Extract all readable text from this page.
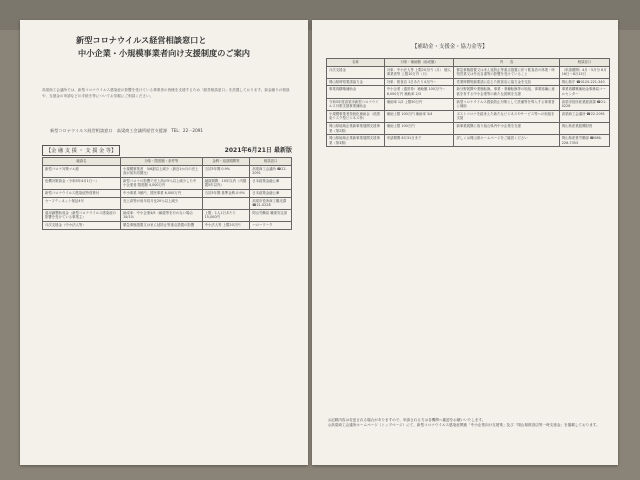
新型コロナウイルス経営相談窓口と
中小企業・小規模事業者向け支援制度のご案内

高梁商工会議所では、新型コロナウイルス感染症の影響を受けている事業者の皆様を支援するため「経営相談窓口」を設置しております。資金繰りの相談や、支援金の申請などの手続き等についてお気軽にご相談ください。

新型コロナウイルス経営相談窓口　高梁商工会議所経営支援課　TEL：22－2091
【金 融 支 援 ・ 支 援 金 等】	2021年6月21日 最新版
融資名	対象・限度額・条件等	金利・返済期間等	相談窓口
新型コロナ対策マル経	小規模事業者　5/6割以上減少（最近1か月の売上高が前年同期比）	当初3年間 0.9%	高梁商工会議所 ☎22-2091
危機対策資金（令和3年4月1日〜）	新型コロナの影響で売上高が5％以上減少した中小企業者 限度額 4,000万円	融資期間：10年以内（内据置5年以内）	日本政策金融公庫
新型コロナウイルス感染症特別貸付	中小事業 3億円、国民事業 6,000万円	当初3年間 基準金利-0.9%	日本政策金融公庫
セーフティネット保証4号	売上高等が前年同月比20％以上減少		高梁市役所商工観光課 ☎21-0228
雇用調整助成金（新型コロナウイルス感染症の影響を受けている事業主）	助成率：中小企業4/5（解雇等を行わない場合10/10）	上限：1人1日あたり 15,000円	岡山労働局 職業安定部
月次支援金（中小法人等）	緊急事態措置又はまん延防止等重点措置の影響	中小法人等 上限20万円	ハローワーク
【補助金・支援金・協力金等】
名称	対象・補助額（助成額）	内　　容	相談窓口
月次支援金	対象：中小法人等 上限20万円（月） 個人事業者等 上限10万円（月）	緊急事態措置又はまん延防止等重点措置に伴う飲食店の休業・時短営業又は外出自粛等の影響を受けていること	（申請期間）4月・5月分 6月16日〜8月15日
岡山県時短要請協力金	対象：飲食店 1日あたり4万円〜	営業時間短縮要請に応じた飲食店に協力金を支給	岡山県庁 ☎0120-221-340
事業再構築補助金	中小企業（通常枠）補助額 100万円〜6,000万円 補助率 2/3	新分野展開や業態転換、事業・業種転換等の取組、事業再編に意欲を有する中小企業等の新たな挑戦を支援	事業再構築補助金事務局コールセンター
令和3年度高梁市新型コロナウイルス対策支援事業補助金	補助率 1/2 上限50万円	新型コロナウイルス感染防止対策として設備等を導入する事業者に補助	高梁市役所産業経済課 ☎21-0228
小規模事業者持続化補助金（低感染リスク型ビジネス枠）	補助上限 100万円 補助率 3/4	ポストコロナを踏まえた新たなビジネスやサービス等への取組を支援	高梁商工会議所 ☎22-2091
岡山県地域企業新事業展開支援事業（第2期）	補助上限 100万円	新事業展開に取り組む県内中小企業を支援	岡山県産業振興財団
岡山県地域企業新事業展開支援事業（第3期）	申請期間 8月31日まで	詳しくは岡山県ホームページをご確認ください	岡山県産業労働部 ☎086-226-7353

◎記載内容は変更される場合がありますので、申請される方は各機関へ確認をお願いいたします。

◎高梁商工会議所ホームページ（トップページ）にて、新型コロナウイルス感染症関連「中小企業向け支援策」及び「岡山県飲食店等一時支援金」を掲載しております。
